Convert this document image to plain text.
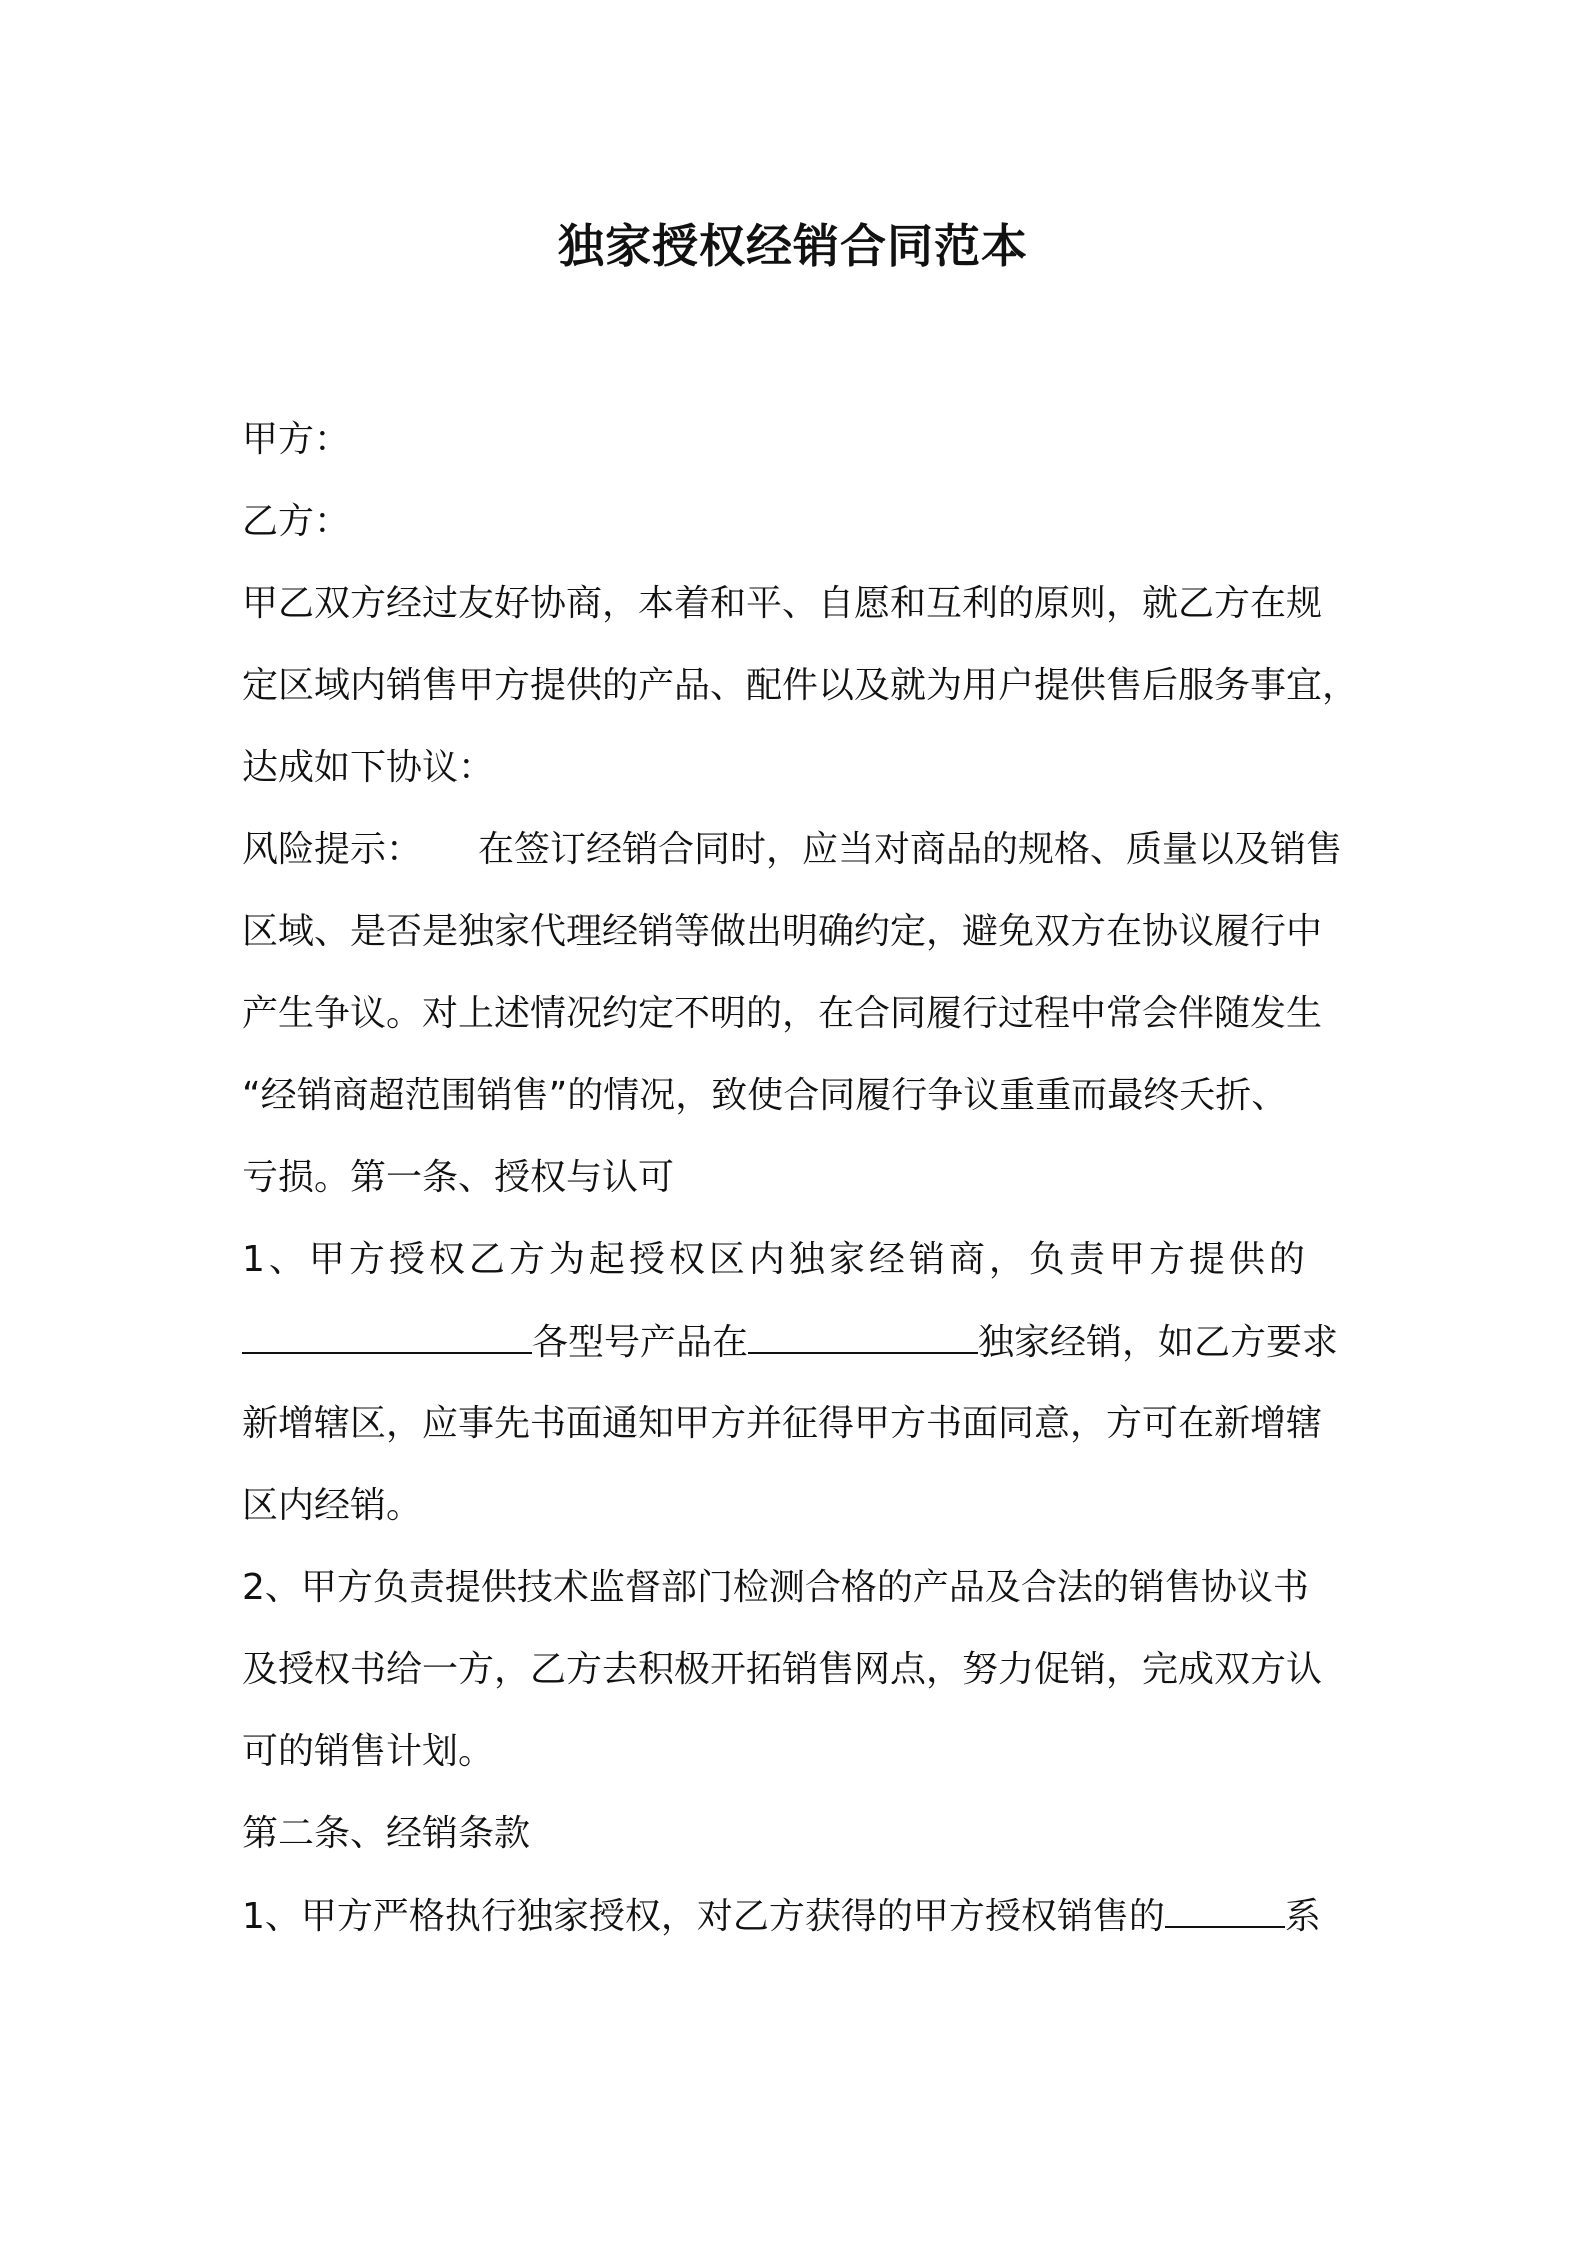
独家授权经销合同范本
甲方：
乙方：
甲乙双方经过友好协商，本着和平、自愿和互利的原则，就乙方在规
定区域内销售甲方提供的产品、配件以及就为用户提供售后服务事宜，
达成如下协议：
风险提示： 在签订经销合同时，应当对商品的规格、质量以及销售
区域、是否是独家代理经销等做出明确约定，避免双方在协议履行中
产生争议。对上述情况约定不明的，在合同履行过程中常会伴随发生
“经销商超范围销售”的情况，致使合同履行争议重重而最终夭折、
亏损。第一条、授权与认可
1、甲方授权乙方为起授权区内独家经销商，负责甲方提供的
各型号产品在	独家经销，如乙方要求
新增辖区，应事先书面通知甲方并征得甲方书面同意，方可在新增辖
区内经销。
2、甲方负责提供技术监督部门检测合格的产品及合法的销售协议书
及授权书给一方，乙方去积极开拓销售网点，努力促销，完成双方认
可的销售计划。
第二条、经销条款
1、甲方严格执行独家授权，对乙方获得的甲方授权销售的	系
